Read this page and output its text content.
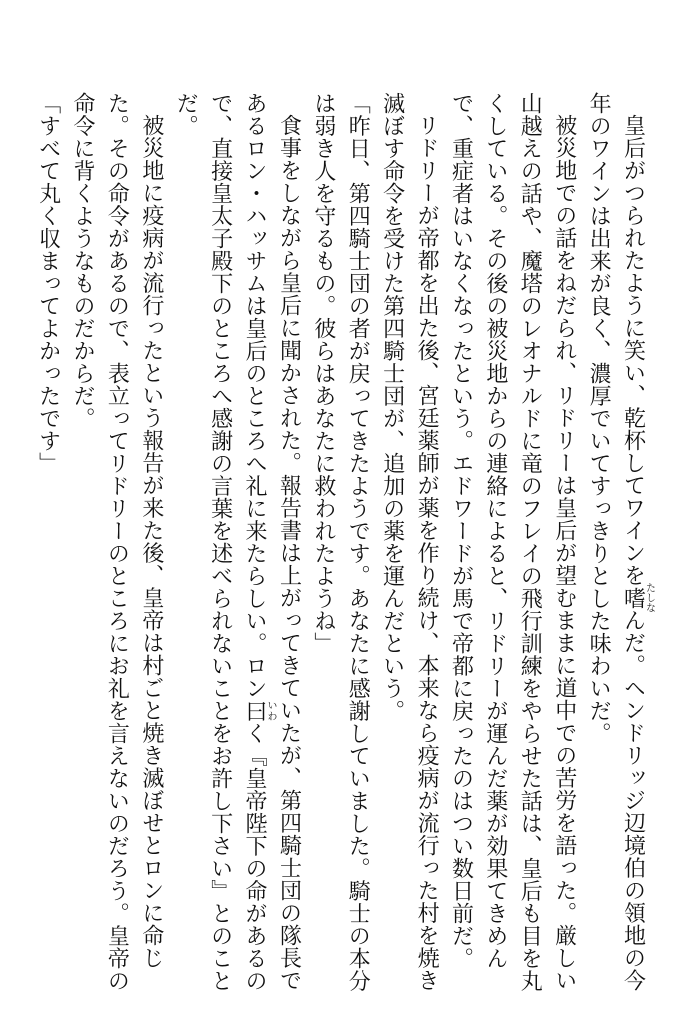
皇后がつられたように笑い、乾杯してワインを嗜たしなんだ。ヘンドリッジ辺境伯の領地の今年のワインは出来が良く、濃厚でいてすっきりとした味わいだ。

被災地での話をねだられ、リドリーは皇后が望むままに道中での苦労を語った。厳しい山越えの話や、魔塔のレオナルドに竜のフレイの飛行訓練をやらせた話は、皇后も目を丸くしている。その後の被災地からの連絡によると、リドリーが運んだ薬が効果てきめんで、重症者はいなくなったという。エドワードが馬で帝都に戻ったのはつい数日前だ。

リドリーが帝都を出た後、宮廷薬師が薬を作り続け、本来なら疫病が流行った村を焼き滅ぼす命令を受けた第四騎士団が、追加の薬を運んだという。

「昨日、第四騎士団の者が戻ってきたようです。あなたに感謝していました。騎士の本分は弱き人を守るもの。彼らはあなたに救われたようね」

食事をしながら皇后に聞かされた。報告書は上がってきていたが、第四騎士団の隊長であるロン・ハッサムは皇后のところへ礼に来たらしい。ロン曰いわく『皇帝陛下の命があるので、直接皇太子殿下のところへ感謝の言葉を述べられないことをお許し下さい』とのことだ。

被災地に疫病が流行ったという報告が来た後、皇帝は村ごと焼き滅ぼせとロンに命じた。その命令があるので、表立ってリドリーのところにお礼を言えないのだろう。皇帝の命令に背くようなものだからだ。

「すべて丸く収まってよかったです」
